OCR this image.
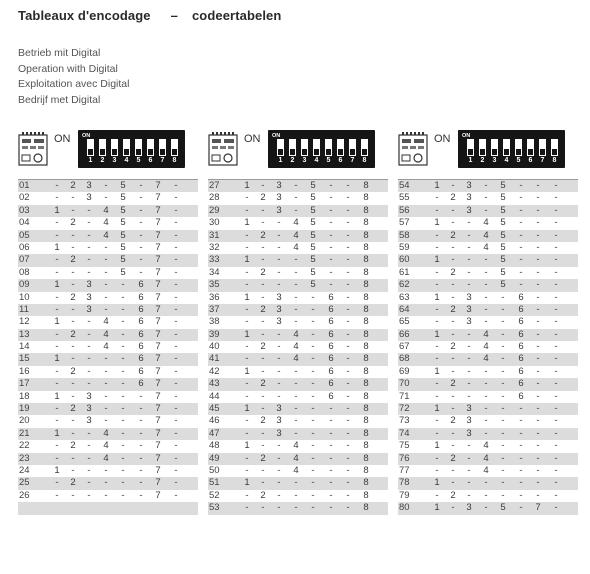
Tableaux d'encodage – codeertabelen
Betrieb mit Digital
Operation with Digital
Exploitation avec Digital
Bedrijf met Digital
ON ON
1	2	3	4	5	6	7	8
01	-	2	3	-	5	-	7	-
02	-	-	3	-	5	-	7	-
03	1	-	-	4	5	-	7	-
04	-	2	-	4	5	-	7	-
05	-	-	-	4	5	-	7	-
06	1	-	-	-	5	-	7	-
07	-	2	-	-	5	-	7	-
08	-	-	-	-	5	-	7	-
09	1	-	3	-	-	6	7	-
10	-	2	3	-	-	6	7	-
11	-	-	3	-	-	6	7	-
12	1	-	-	4	-	6	7	-
13	-	2	-	4	-	6	7	-
14	-	-	-	4	-	6	7	-
15	1	-	-	-	-	6	7	-
16	-	2	-	-	-	6	7	-
17	-	-	-	-	-	6	7	-
18	1	-	3	-	-	-	7	-
19	-	2	3	-	-	-	7	-
20	-	-	3	-	-	-	7	-
21	1	-	-	4	-	-	7	-
22	-	2	-	4	-	-	7	-
23	-	-	-	4	-	-	7	-
24	1	-	-	-	-	-	7	-
25	-	2	-	-	-	-	7	-
26	-	-	-	-	-	-	7	-
ON ON
1	2	3	4	5	6	7	8
27	1	-	3	-	5	-	-	8
28	-	2	3	-	5	-	-	8
29	-	-	3	-	5	-	-	8
30	1	-	-	4	5	-	-	8
31	-	2	-	4	5	-	-	8
32	-	-	-	4	5	-	-	8
33	1	-	-	-	5	-	-	8
34	-	2	-	-	5	-	-	8
35	-	-	-	-	5	-	-	8
36	1	-	3	-	-	6	-	8
37	-	2	3	-	-	6	-	8
38	-	-	3	-	-	6	-	8
39	1	-	-	4	-	6	-	8
40	-	2	-	4	-	6	-	8
41	-	-	-	4	-	6	-	8
42	1	-	-	-	-	6	-	8
43	-	2	-	-	-	6	-	8
44	-	-	-	-	-	6	-	8
45	1	-	3	-	-	-	-	8
46	-	2	3	-	-	-	-	8
47	-	-	3	-	-	-	-	8
48	1	-	-	4	-	-	-	8
49	-	2	-	4	-	-	-	8
50	-	-	-	4	-	-	-	8
51	1	-	-	-	-	-	-	8
52	-	2	-	-	-	-	-	8
53	-	-	-	-	-	-	-	8
ON ON
1	2	3	4	5	6	7	8
54	1	-	3	-	5	-	-	-
55	-	2	3	-	5	-	-	-
56	-	-	3	-	5	-	-	-
57	1	-	-	4	5	-	-	-
58	-	2	-	4	5	-	-	-
59	-	-	-	4	5	-	-	-
60	1	-	-	-	5	-	-	-
61	-	2	-	-	5	-	-	-
62	-	-	-	-	5	-	-	-
63	1	-	3	-	-	6	-	-
64	-	2	3	-	-	6	-	-
65	-	-	3	-	-	6	-	-
66	1	-	-	4	-	6	-	-
67	-	2	-	4	-	6	-	-
68	-	-	-	4	-	6	-	-
69	1	-	-	-	-	6	-	-
70	-	2	-	-	-	6	-	-
71	-	-	-	-	-	6	-	-
72	1	-	3	-	-	-	-	-
73	-	2	3	-	-	-	-	-
74	-	-	3	-	-	-	-	-
75	1	-	-	4	-	-	-	-
76	-	2	-	4	-	-	-	-
77	-	-	-	4	-	-	-	-
78	1	-	-	-	-	-	-	-
79	-	2	-	-	-	-	-	-
80	1	-	3	-	5	-	7	-
